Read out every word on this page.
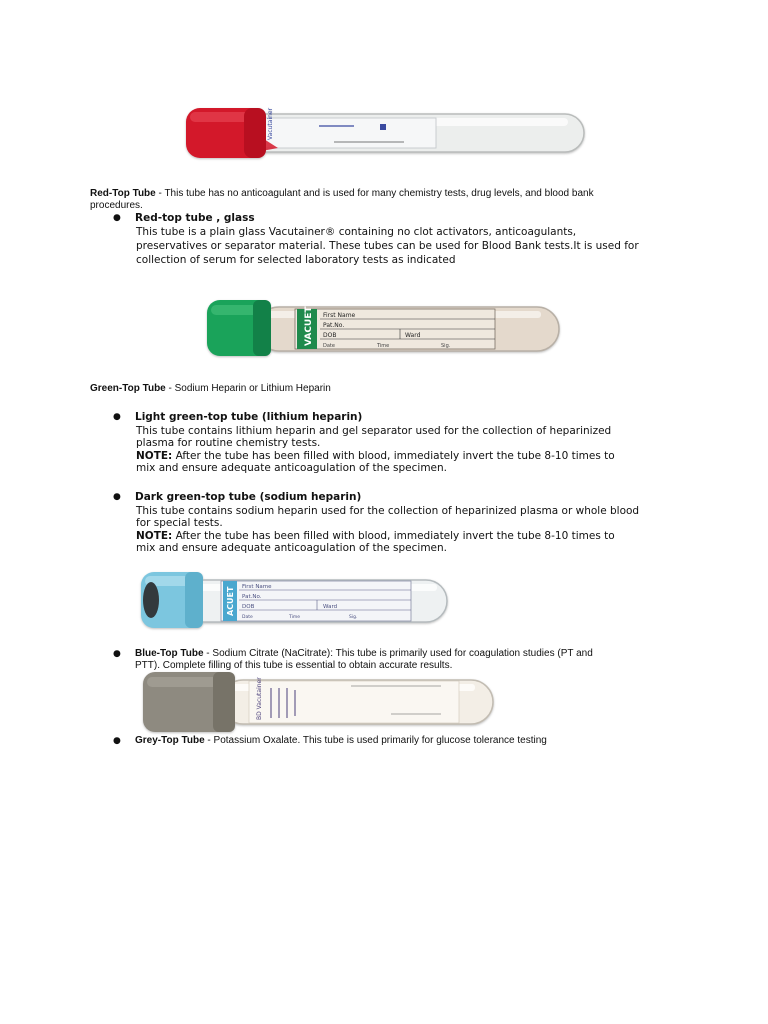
Vacutainer
Red-Top Tube - This tube has no anticoagulant and is used for many chemistry tests, drug levels, and blood bank
procedures.
● Red-top tube , glass
This tube is a plain glass Vacutainer® containing no clot activators, anticoagulants,
preservatives or separator material. These tubes can be used for Blood Bank tests.It is used for
collection of serum for selected laboratory tests as indicated
First Name
Pat.No.
DOB	Ward
Date	Time	Sig.
VACUET
Green-Top Tube - Sodium Heparin or Lithium Heparin
● Light green-top tube (lithium heparin)
This tube contains lithium heparin and gel separator used for the collection of heparinized
plasma for routine chemistry tests.
NOTE: After the tube has been filled with blood, immediately invert the tube 8-10 times to
mix and ensure adequate anticoagulation of the specimen.
● Dark green-top tube (sodium heparin)
This tube contains sodium heparin used for the collection of heparinized plasma or whole blood
for special tests.
NOTE: After the tube has been filled with blood, immediately invert the tube 8-10 times to
mix and ensure adequate anticoagulation of the specimen.
First Name
Pat.No.
DOB	Ward
Date	Time	Sig.
ACUET
● Blue-Top Tube - Sodium Citrate (NaCitrate): This tube is primarily used for coagulation studies (PT and
PTT). Complete filling of this tube is essential to obtain accurate results.
BD Vacutainer
● Grey-Top Tube - Potassium Oxalate. This tube is used primarily for glucose tolerance testing
